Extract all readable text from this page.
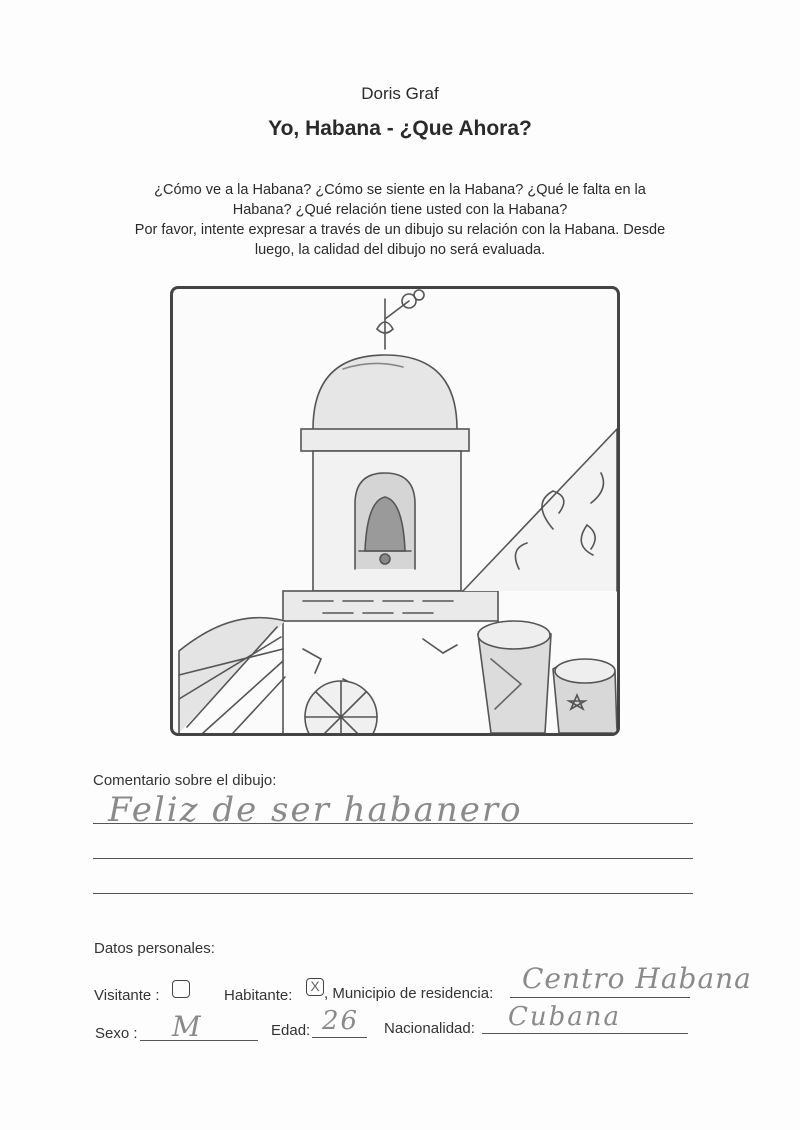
Doris Graf
Yo, Habana - ¿Que Ahora?
¿Cómo ve a la Habana? ¿Cómo se siente en la Habana? ¿Qué le falta en la
Habana? ¿Qué relación tiene usted con la Habana?
Por favor, intente expresar a través de un dibujo su relación con la Habana. Desde
luego, la calidad del dibujo no será evaluada.
Comentario sobre el dibujo:
Feliz de ser habanero
Datos personales:
Visitante :	Habitante:
X , Municipio de residencia: Centro Habana
Sexo : M	Edad: 26 Nacionalidad: Cubana
